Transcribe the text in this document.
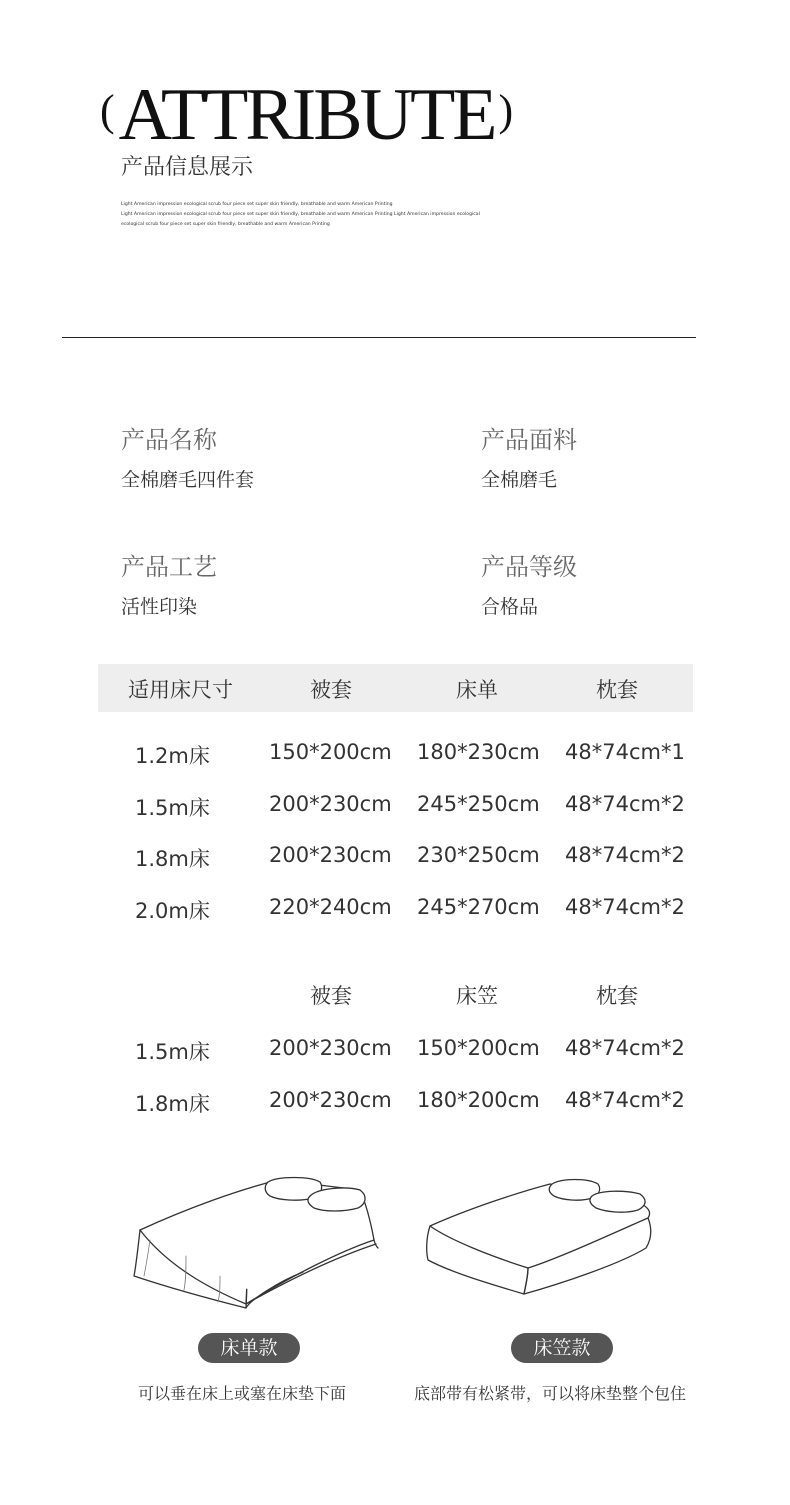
(ATTRIBUTE)
产品信息展示
Light American impression ecological scrub four piece set super skin friendly, breathable and warm American Printing
Light American impression ecological scrub four piece set super skin friendly, breathable and warm American Printing Light American impression ecological
ecological scrub four piece set super skin friendly, breathable and warm American Printing
产品名称
全棉磨毛四件套
产品面料
全棉磨毛
产品工艺
活性印染
产品等级
合格品
适用床尺寸	被套	床单	枕套
1.2m床	150*200cm 180*230cm 48*74cm*1
1.5m床	200*230cm 245*250cm 48*74cm*2
1.8m床	200*230cm 230*250cm 48*74cm*2
2.0m床	220*240cm 245*270cm 48*74cm*2
被套	床笠	枕套
1.5m床	200*230cm 150*200cm 48*74cm*2
1.8m床	200*230cm 180*200cm 48*74cm*2
床单款	床笠款
可以垂在床上或塞在床垫下面	底部带有松紧带，可以将床垫整个包住
